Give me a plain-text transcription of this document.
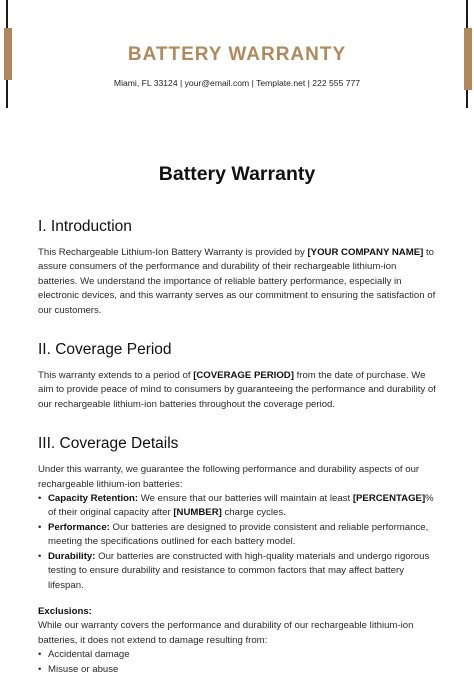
BATTERY WARRANTY
Miami, FL 33124 | your@email.com | Template.net | 222 555 777
Battery Warranty
I. Introduction

This Rechargeable Lithium-Ion Battery Warranty is provided by [YOUR COMPANY NAME] to assure consumers of the performance and durability of their rechargeable lithium-ion batteries. We understand the importance of reliable battery performance, especially in electronic devices, and this warranty serves as our commitment to ensuring the satisfaction of our customers.

II. Coverage Period

This warranty extends to a period of [COVERAGE PERIOD] from the date of purchase. We aim to provide peace of mind to consumers by guaranteeing the performance and durability of our rechargeable lithium-ion batteries throughout the coverage period.

III. Coverage Details

Under this warranty, we guarantee the following performance and durability aspects of our rechargeable lithium-ion batteries:

• Capacity Retention: We ensure that our batteries will maintain at least [PERCENTAGE]% of their original capacity after [NUMBER] charge cycles.
• Performance: Our batteries are designed to provide consistent and reliable performance, meeting the specifications outlined for each battery model.
• Durability: Our batteries are constructed with high-quality materials and undergo rigorous testing to ensure durability and resistance to common factors that may affect battery lifespan.

Exclusions:

While our warranty covers the performance and durability of our rechargeable lithium-ion batteries, it does not extend to damage resulting from:

• Accidental damage
• Misuse or abuse
